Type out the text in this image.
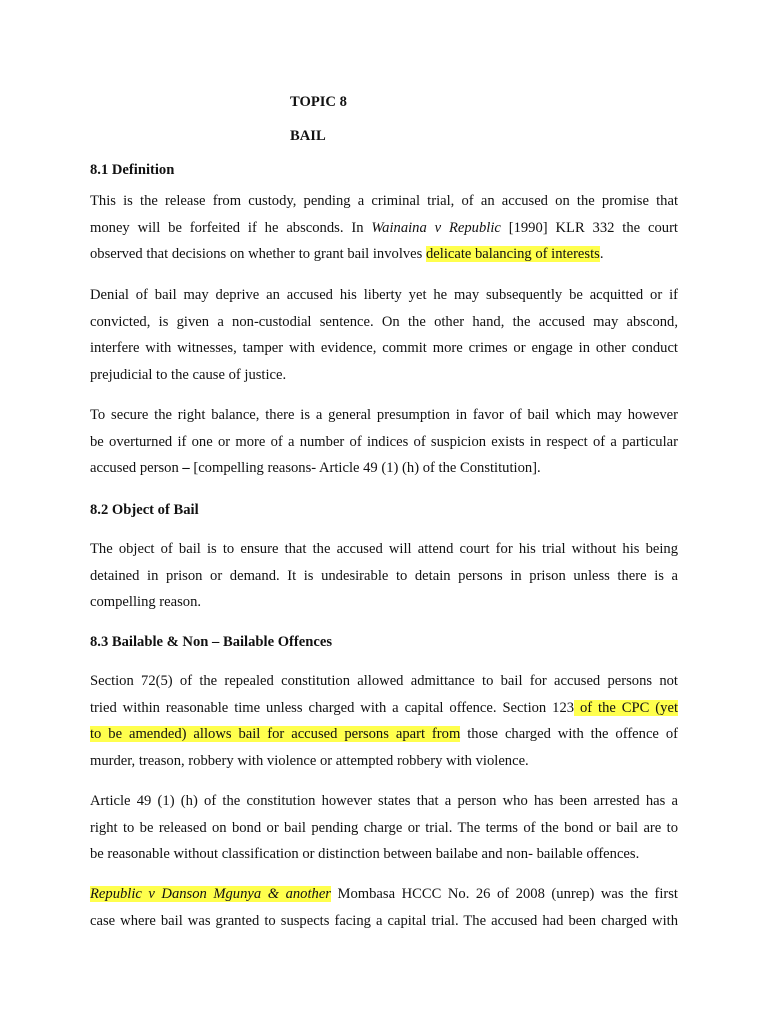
TOPIC 8

BAIL

8.1 Definition

This is the release from custody, pending a criminal trial, of an accused on the promise that
money will be forfeited if he absconds. In Wainaina v Republic [1990] KLR 332 the court
observed that decisions on whether to grant bail involves delicate balancing of interests.
Denial of bail may deprive an accused his liberty yet he may subsequently be acquitted or if
convicted, is given a non-custodial sentence. On the other hand, the accused may abscond,
interfere with witnesses, tamper with evidence, commit more crimes or engage in other conduct
prejudicial to the cause of justice.
To secure the right balance, there is a general presumption in favor of bail which may however
be overturned if one or more of a number of indices of suspicion exists in respect of a particular
accused person – [compelling reasons- Article 49 (1) (h) of the Constitution].

8.2 Object of Bail

The object of bail is to ensure that the accused will attend court for his trial without his being
detained in prison or demand. It is undesirable to detain persons in prison unless there is a
compelling reason.

8.3 Bailable & Non – Bailable Offences

Section 72(5) of the repealed constitution allowed admittance to bail for accused persons not
tried within reasonable time unless charged with a capital offence. Section 123 of the CPC (yet
to be amended) allows bail for accused persons apart from those charged with the offence of
murder, treason, robbery with violence or attempted robbery with violence.
Article 49 (1) (h) of the constitution however states that a person who has been arrested has a
right to be released on bond or bail pending charge or trial. The terms of the bond or bail are to
be reasonable without classification or distinction between bailabe and non- bailable offences.
Republic v Danson Mgunya & another Mombasa HCCC No. 26 of 2008 (unrep) was the first
case where bail was granted to suspects facing a capital trial. The accused had been charged with
